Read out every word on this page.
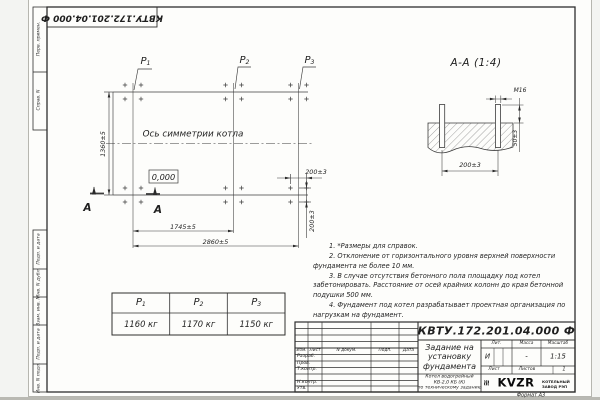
КВТУ.172.201.04.000 Ф
Перв. примен.
Справ. N
Подп. и дата
Инв. N дубл.
Взам. инв. N
Подп. и дата
Инв. N подл.
P1	P2	P3
Ось симметрии котла
0,000
А	А
1360±5
1745±5
2860±5
200±3
200±3
А-А (1:4)
М16
50±3
200±3

1. *Размеры для справок.

2. Отклонение от горизонтального уровня верхней поверхности фундамента не более 10 мм.

3. В случае отсутствия бетонного пола площадку под котел забетонировать. Расстояние от осей крайних колонн до края бетонной подушки 500 мм.

4. Фундамент под котел разрабатывает проектная организация по нагрузкам на фундамент.

P1	P2	P3
1160 кг	1170 кг	1150 кг
Изм. Лист	N докум.	Подп.	Дата
Разраб.
Пров.
Т.контр.
Н.контр.
Утв.
КВТУ.172.201.04.000 Ф
Задание на
установку
фундамента
Котел водогрейный
КВ-2,0 КБ (К)
по техническому заданию
Лит.	Масса	Масштаб
И	-	1:15
Лист	Листов	1
≋ KVZR КОТЕЛЬНЫЙ
ЗАВОД РЭП
Формат А3
